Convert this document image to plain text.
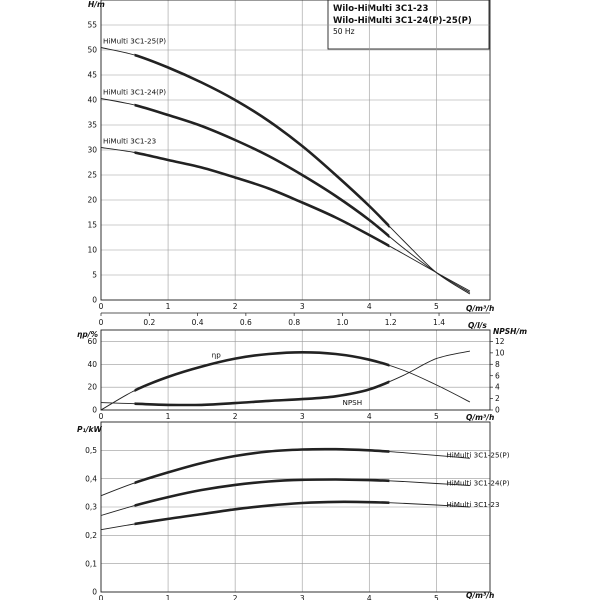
Wilo-HiMulti 3C1-23
Wilo-HiMulti 3C1-24(P)-25(P)
50 Hz
0	1	2	3	4	5
0
5
10
15
20
25
30
35
40
45
50
55
0	0.2	0.4	0.6	0.8	1.0	1.2	1.4
HiMulti 3C1-25(P)
HiMulti 3C1-24(P)
HiMulti 3C1-23
0	1	2	3	4	5
0
20
40
60
0
2
4
6
8
10
12
ηp
NPSH
0	1	2	3	4	5
0
0,1
0,2
0,3
0,4
0,5	HiMulti 3C1-25(P)
HiMulti 3C1-24(P)
HiMulti 3C1-23
H/m
Q/m³/h
Q/l/s
ηp/%	NPSH/m
Q/m³/h
P₁/kW
Q/m³/h
